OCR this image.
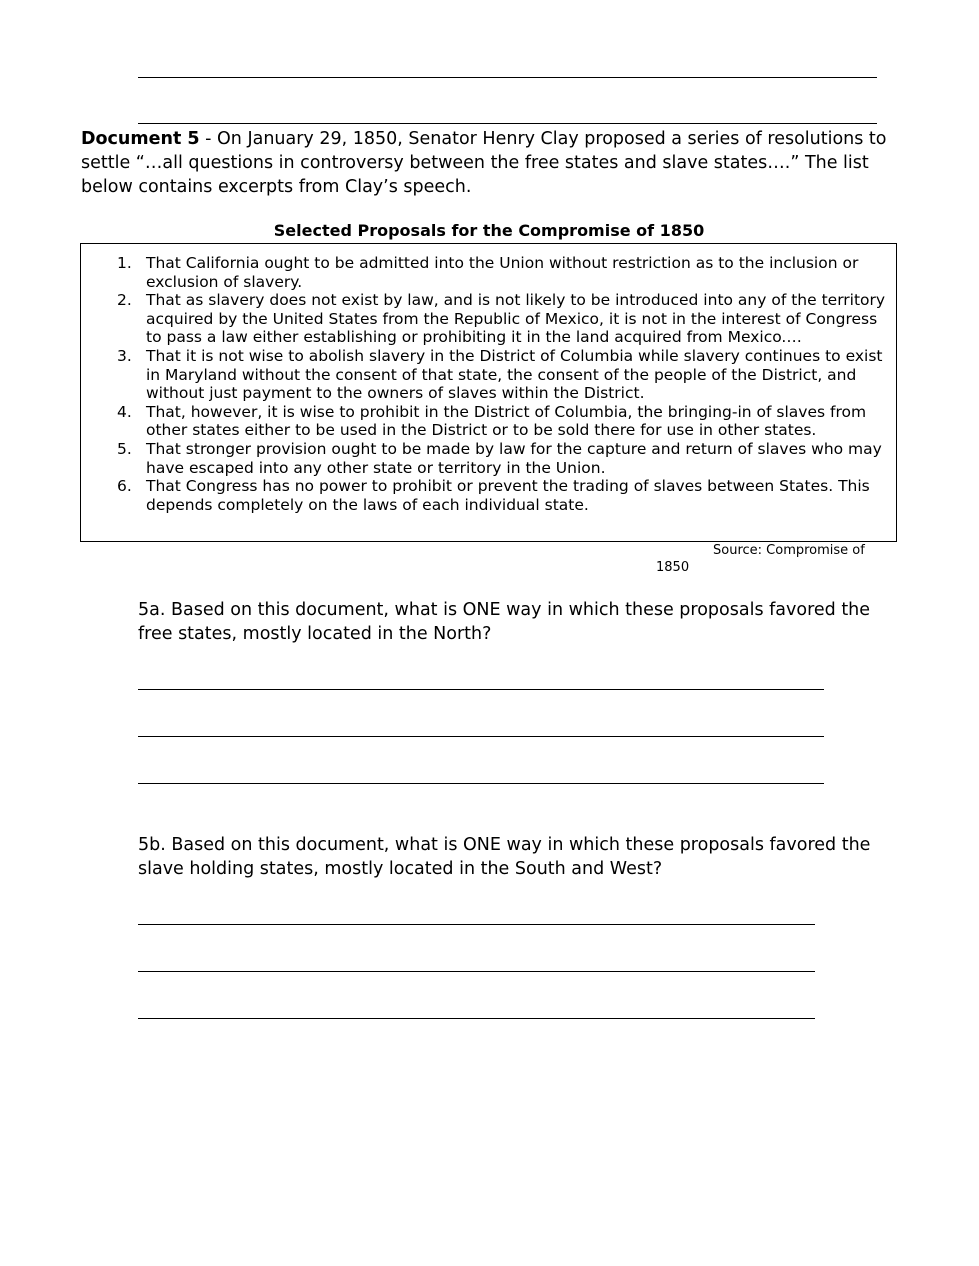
Document 5 - On January 29, 1850, Senator Henry Clay proposed a series of resolutions to settle “…all questions in controversy between the free states and slave states….” The list below contains excerpts from Clay’s speech.
Selected Proposals for the Compromise of 1850
1. That California ought to be admitted into the Union without restriction as to the inclusion or exclusion of slavery.
2. That as slavery does not exist by law, and is not likely to be introduced into any of the territory acquired by the United States from the Republic of Mexico, it is not in the interest of Congress to pass a law either establishing or prohibiting it in the land acquired from Mexico.…
3. That it is not wise to abolish slavery in the District of Columbia while slavery continues to exist in Maryland without the consent of that state, the consent of the people of the District, and without just payment to the owners of slaves within the District.
4. That, however, it is wise to prohibit in the District of Columbia, the bringing-in of slaves from other states either to be used in the District or to be sold there for use in other states.
5. That stronger provision ought to be made by law for the capture and return of slaves who may have escaped into any other state or territory in the Union.
6. That Congress has no power to prohibit or prevent the trading of slaves between States. This depends completely on the laws of each individual state.
Source: Compromise of
1850
5a. Based on this document, what is ONE way in which these proposals favored the free states, mostly located in the North?
5b. Based on this document, what is ONE way in which these proposals favored the slave holding states, mostly located in the South and West?
